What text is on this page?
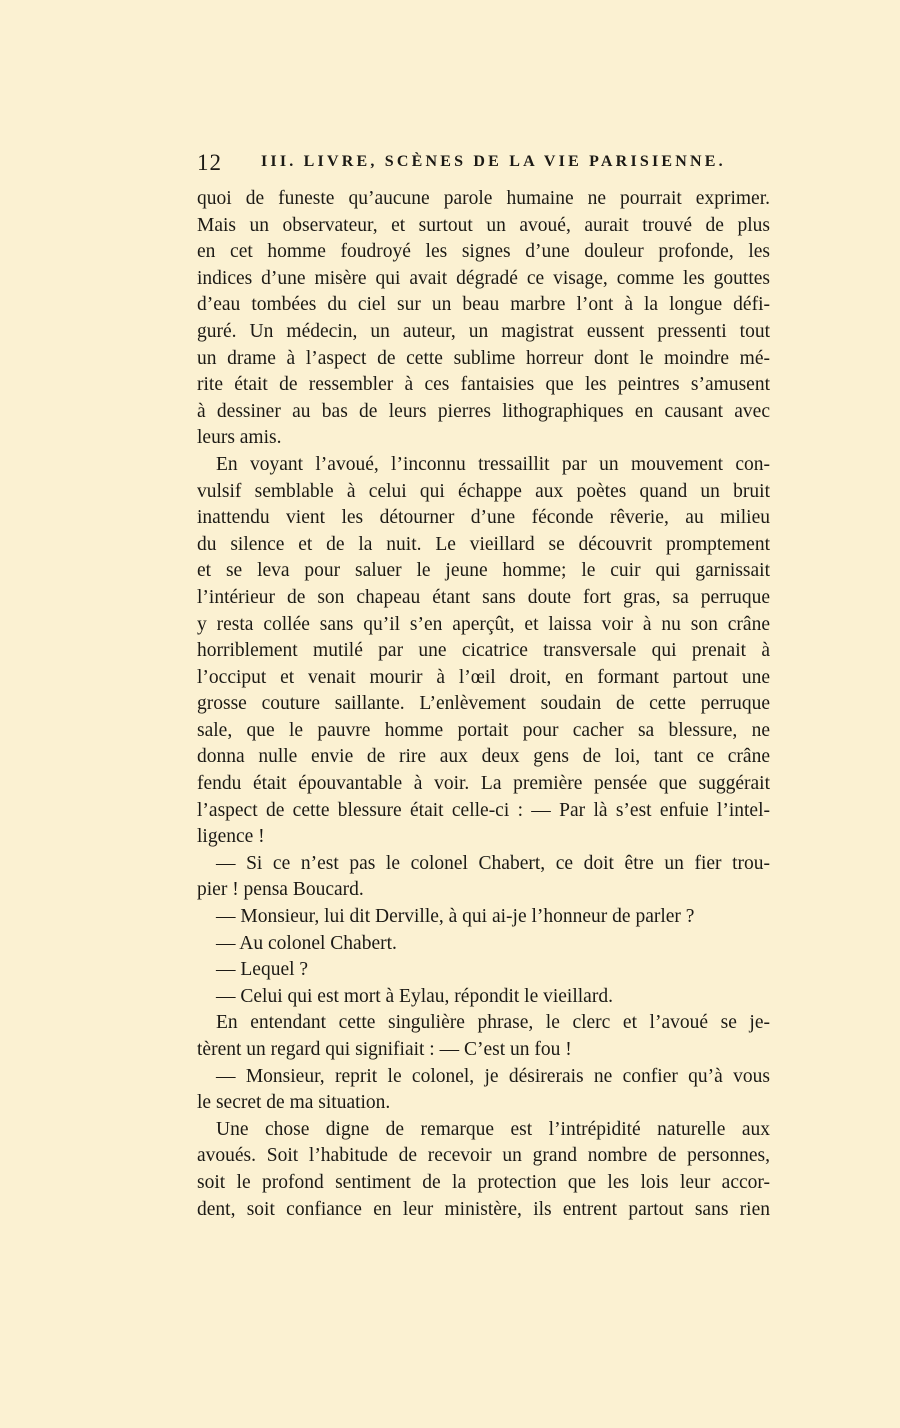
12 III. LIVRE, SCÈNES DE LA VIE PARISIENNE.
quoi de funeste qu’aucune parole humaine ne pourrait exprimer.
Mais un observateur, et surtout un avoué, aurait trouvé de plus
en cet homme foudroyé les signes d’une douleur profonde, les
indices d’une misère qui avait dégradé ce visage, comme les gouttes
d’eau tombées du ciel sur un beau marbre l’ont à la longue défi-
guré. Un médecin, un auteur, un magistrat eussent pressenti tout
un drame à l’aspect de cette sublime horreur dont le moindre mé-
rite était de ressembler à ces fantaisies que les peintres s’amusent
à dessiner au bas de leurs pierres lithographiques en causant avec
leurs amis.
En voyant l’avoué, l’inconnu tressaillit par un mouvement con-
vulsif semblable à celui qui échappe aux poètes quand un bruit
inattendu vient les détourner d’une féconde rêverie, au milieu
du silence et de la nuit. Le vieillard se découvrit promptement
et se leva pour saluer le jeune homme; le cuir qui garnissait
l’intérieur de son chapeau étant sans doute fort gras, sa perruque
y resta collée sans qu’il s’en aperçût, et laissa voir à nu son crâne
horriblement mutilé par une cicatrice transversale qui prenait à
l’occiput et venait mourir à l’œil droit, en formant partout une
grosse couture saillante. L’enlèvement soudain de cette perruque
sale, que le pauvre homme portait pour cacher sa blessure, ne
donna nulle envie de rire aux deux gens de loi, tant ce crâne
fendu était épouvantable à voir. La première pensée que suggérait
l’aspect de cette blessure était celle-ci : — Par là s’est enfuie l’intel-
ligence !
— Si ce n’est pas le colonel Chabert, ce doit être un fier trou-
pier ! pensa Boucard.
— Monsieur, lui dit Derville, à qui ai-je l’honneur de parler ?
— Au colonel Chabert.
— Lequel ?
— Celui qui est mort à Eylau, répondit le vieillard.
En entendant cette singulière phrase, le clerc et l’avoué se je-
tèrent un regard qui signifiait : — C’est un fou !
— Monsieur, reprit le colonel, je désirerais ne confier qu’à vous
le secret de ma situation.
Une chose digne de remarque est l’intrépidité naturelle aux
avoués. Soit l’habitude de recevoir un grand nombre de personnes,
soit le profond sentiment de la protection que les lois leur accor-
dent, soit confiance en leur ministère, ils entrent partout sans rien
